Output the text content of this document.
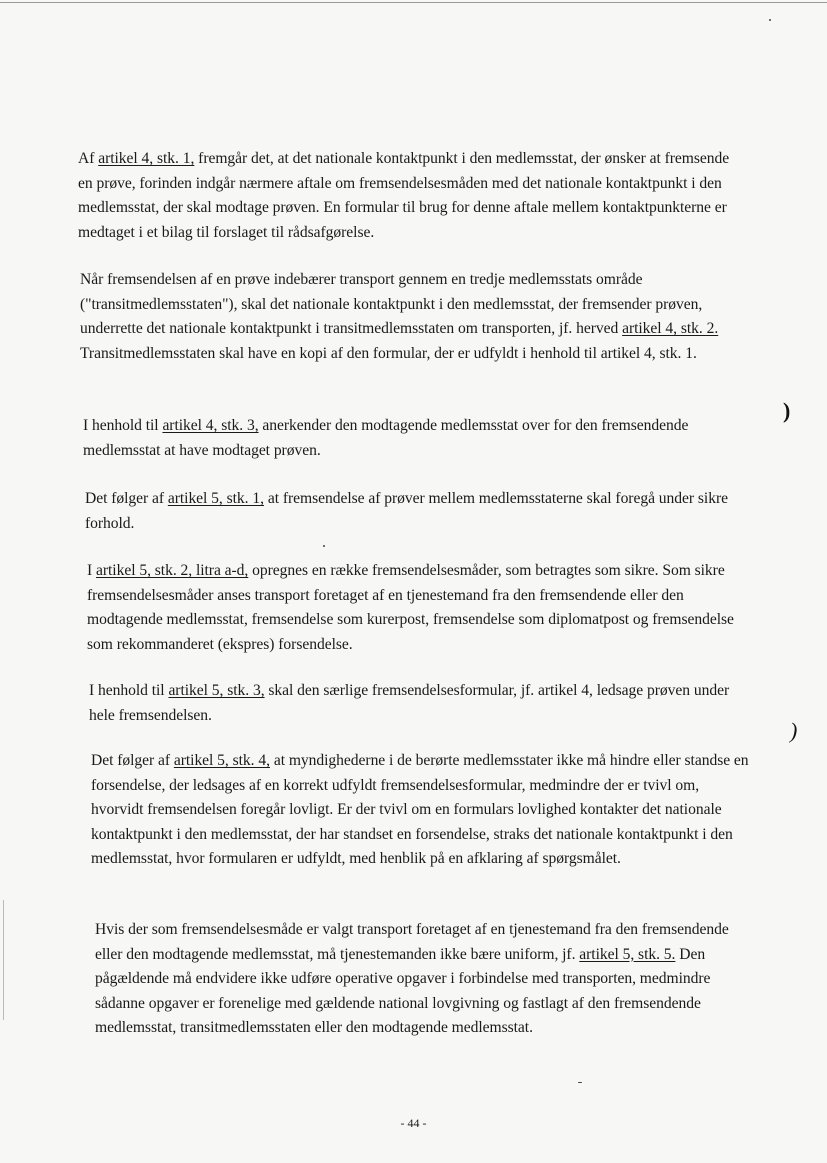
Af artikel 4, stk. 1, fremgår det, at det nationale kontaktpunkt i den medlemsstat, der ønsker at fremsende en prøve, forinden indgår nærmere aftale om fremsendelsesmåden med det nationale kontaktpunkt i den medlemsstat, der skal modtage prøven. En formular til brug for denne aftale mellem kontaktpunkterne er medtaget i et bilag til forslaget til rådsafgørelse.

Når fremsendelsen af en prøve indebærer transport gennem en tredje medlemsstats område ("transitmedlemsstaten"), skal det nationale kontaktpunkt i den medlemsstat, der fremsender prøven, underrette det nationale kontaktpunkt i transitmedlemsstaten om transporten, jf. herved artikel 4, stk. 2. Transitmedlemsstaten skal have en kopi af den formular, der er udfyldt i henhold til artikel 4, stk. 1.

I henhold til artikel 4, stk. 3, anerkender den modtagende medlemsstat over for den fremsendende medlemsstat at have modtaget prøven.

Det følger af artikel 5, stk. 1, at fremsendelse af prøver mellem medlemsstaterne skal foregå under sikre forhold.

I artikel 5, stk. 2, litra a-d, opregnes en række fremsendelsesmåder, som betragtes som sikre. Som sikre fremsendelsesmåder anses transport foretaget af en tjenestemand fra den fremsendende eller den modtagende medlemsstat, fremsendelse som kurerpost, fremsendelse som diplomatpost og fremsendelse som rekommanderet (ekspres) forsendelse.

I henhold til artikel 5, stk. 3, skal den særlige fremsendelsesformular, jf. artikel 4, ledsage prøven under hele fremsendelsen.

Det følger af artikel 5, stk. 4, at myndighederne i de berørte medlemsstater ikke må hindre eller standse en forsendelse, der ledsages af en korrekt udfyldt fremsendelsesformular, medmindre der er tvivl om, hvorvidt fremsendelsen foregår lovligt. Er der tvivl om en formulars lovlighed kontakter det nationale kontaktpunkt i den medlemsstat, der har standset en forsendelse, straks det nationale kontaktpunkt i den medlemsstat, hvor formularen er udfyldt, med henblik på en afklaring af spørgsmålet.

Hvis der som fremsendelsesmåde er valgt transport foretaget af en tjenestemand fra den fremsendende eller den modtagende medlemsstat, må tjenestemanden ikke bære uniform, jf. artikel 5, stk. 5. Den pågældende må endvidere ikke udføre operative opgaver i forbindelse med transporten, medmindre sådanne opgaver er forenelige med gældende national lovgivning og fastlagt af den fremsendende medlemsstat, transitmedlemsstaten eller den modtagende medlemsstat.

)
)
- 44 -
